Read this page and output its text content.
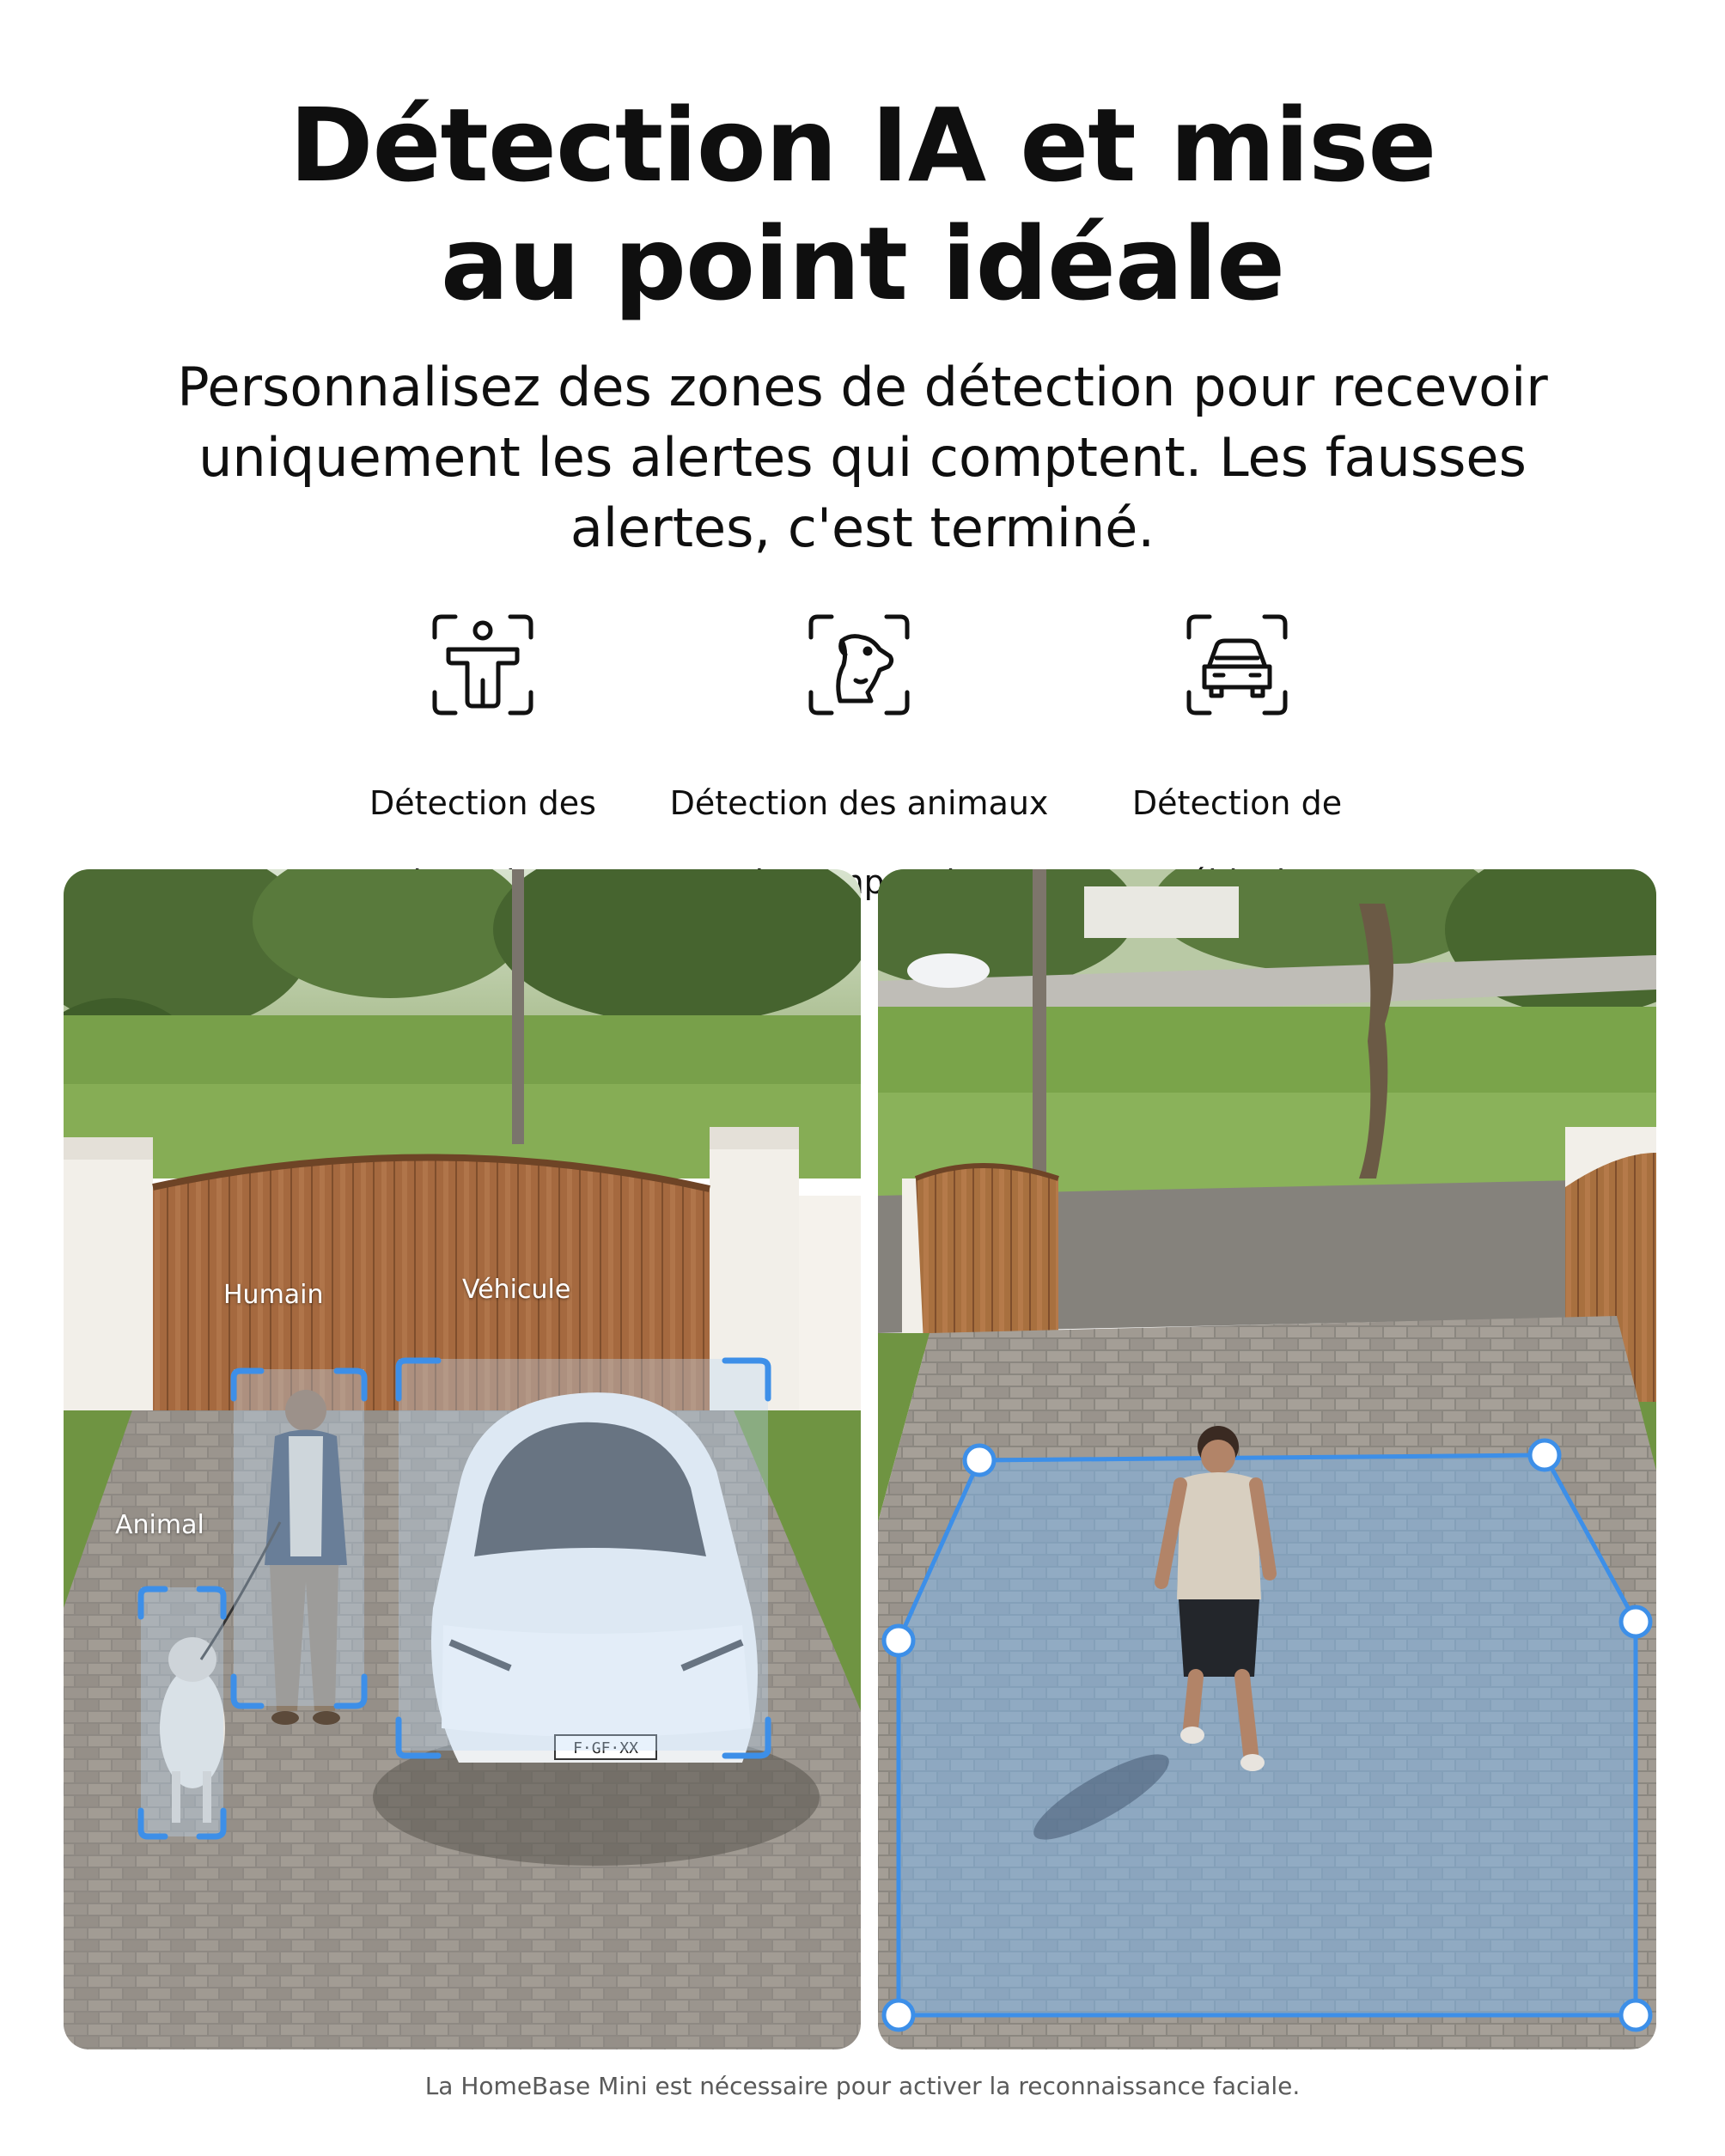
Détection IA et mise
au point idéale

Personnalisez des zones de détection pour recevoir
uniquement les alertes qui comptent. Les fausses
alertes, c'est terminé.

Détection des	Détection des animaux	Détection de

F·GF·XX
Humain	Véhicule
Animal

La HomeBase Mini est nécessaire pour activer la reconnaissance faciale.
